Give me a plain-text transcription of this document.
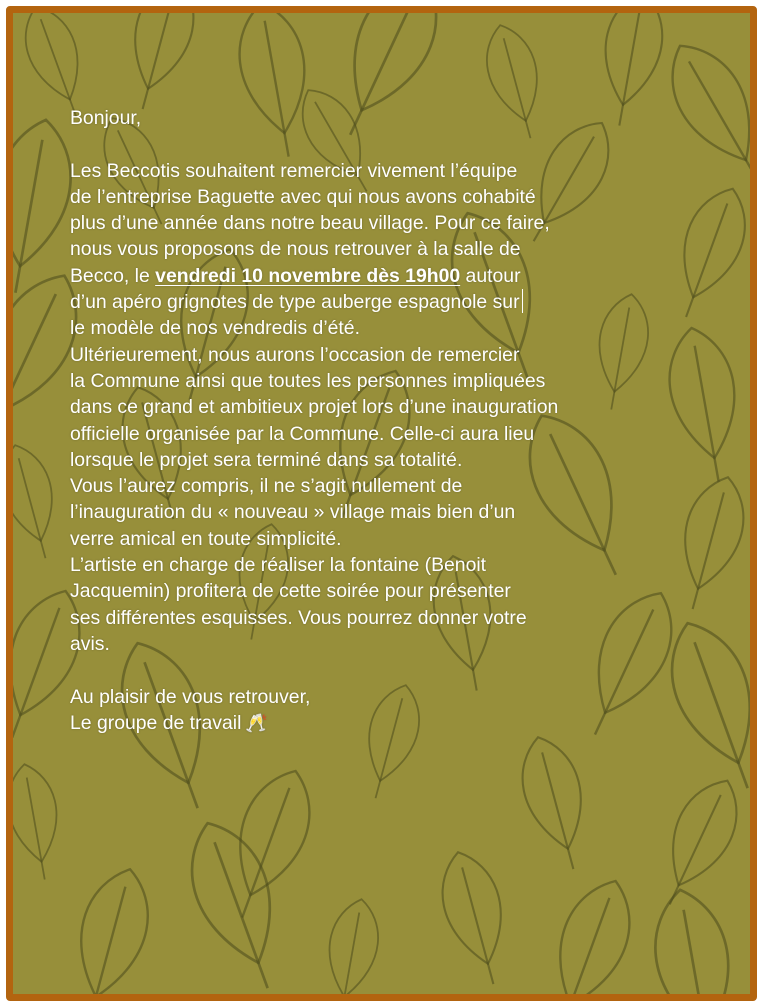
Bonjour,
Les Beccotis souhaitent remercier vivement l’équipe
de l’entreprise Baguette avec qui nous avons cohabité
plus d’une année dans notre beau village. Pour ce faire,
nous vous proposons de nous retrouver à la salle de
Becco, le vendredi 10 novembre dès 19h00 autour
d’un apéro grignotes de type auberge espagnole sur
le modèle de nos vendredis d’été.
Ultérieurement, nous aurons l’occasion de remercier
la Commune ainsi que toutes les personnes impliquées
dans ce grand et ambitieux projet lors d’une inauguration
officielle organisée par la Commune. Celle-ci aura lieu
lorsque le projet sera terminé dans sa totalité.
Vous l’aurez compris, il ne s’agit nullement de
l’inauguration du « nouveau » village mais bien d’un
verre amical en toute simplicité.
L’artiste en charge de réaliser la fontaine (Benoit
Jacquemin) profitera de cette soirée pour présenter
ses différentes esquisses. Vous pourrez donner votre
avis.
Au plaisir de vous retrouver,
Le groupe de travail 🥂
